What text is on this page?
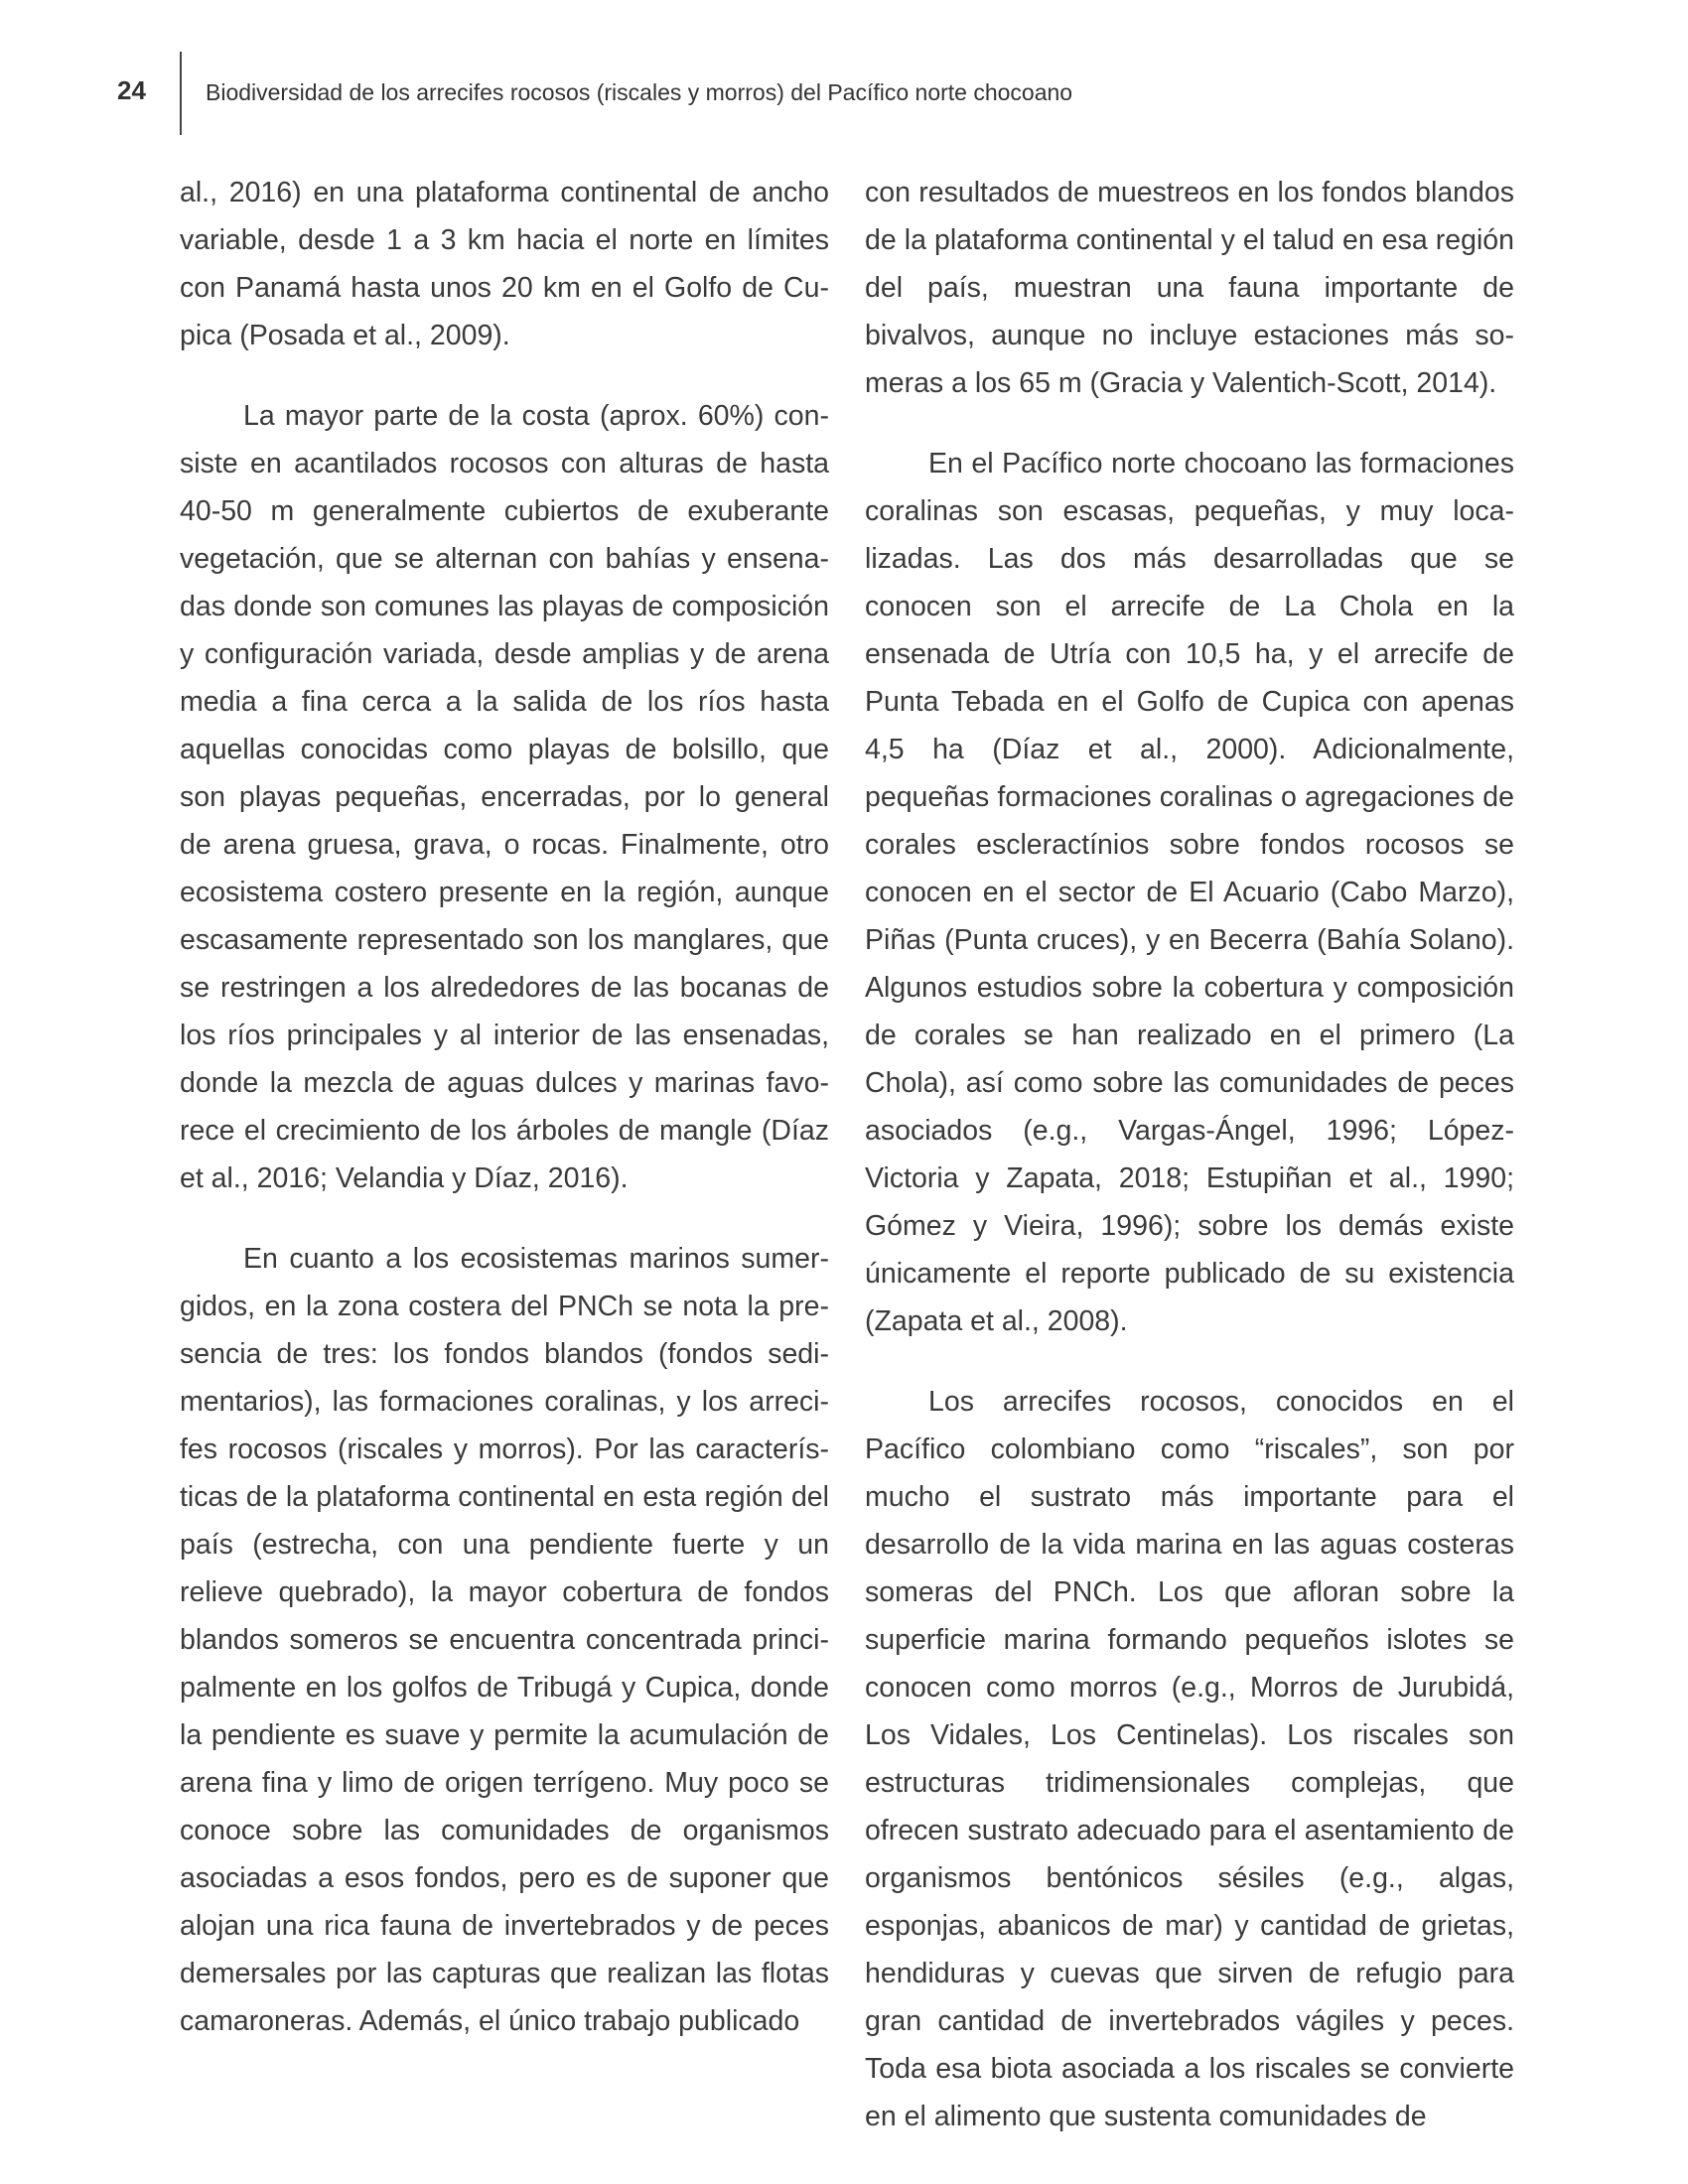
24	Biodiversidad de los arrecifes rocosos (riscales y morros) del Pacífico norte chocoano

al., 2016) en una plataforma continental de ancho variable, desde 1 a 3 km hacia el norte en límites con Panamá hasta unos 20 km en el Golfo de Cupica (Posada et al., 2009).

La mayor parte de la costa (aprox. 60%) consiste en acantilados rocosos con alturas de hasta 40-50 m generalmente cubiertos de exuberante vegetación, que se alternan con bahías y ensenadas donde son comunes las playas de composición y configuración variada, desde amplias y de arena media a fina cerca a la salida de los ríos hasta aquellas conocidas como playas de bolsillo, que son playas pequeñas, encerradas, por lo general de arena gruesa, grava, o rocas. Finalmente, otro ecosistema costero presente en la región, aunque escasamente representado son los manglares, que se restringen a los alrededores de las bocanas de los ríos principales y al interior de las ensenadas, donde la mezcla de aguas dulces y marinas favorece el crecimiento de los árboles de mangle (Díaz et al., 2016; Velandia y Díaz, 2016).

En cuanto a los ecosistemas marinos sumergidos, en la zona costera del PNCh se nota la presencia de tres: los fondos blandos (fondos sedimentarios), las formaciones coralinas, y los arrecifes rocosos (riscales y morros). Por las características de la plataforma continental en esta región del país (estrecha, con una pendiente fuerte y un relieve quebrado), la mayor cobertura de fondos blandos someros se encuentra concentrada principalmente en los golfos de Tribugá y Cupica, donde la pendiente es suave y permite la acumulación de arena fina y limo de origen terrígeno. Muy poco se conoce sobre las comunidades de organismos asociadas a esos fondos, pero es de suponer que alojan una rica fauna de invertebrados y de peces demersales por las capturas que realizan las flotas camaroneras. Además, el único trabajo publicado

con resultados de muestreos en los fondos blandos de la plataforma continental y el talud en esa región del país, muestran una fauna importante de bivalvos, aunque no incluye estaciones más someras a los 65 m (Gracia y Valentich-Scott, 2014).

En el Pacífico norte chocoano las formaciones coralinas son escasas, pequeñas, y muy localizadas. Las dos más desarrolladas que se conocen son el arrecife de La Chola en la ensenada de Utría con 10,5 ha, y el arrecife de Punta Tebada en el Golfo de Cupica con apenas 4,5 ha (Díaz et al., 2000). Adicionalmente, pequeñas formaciones coralinas o agregaciones de corales escleractínios sobre fondos rocosos se conocen en el sector de El Acuario (Cabo Marzo), Piñas (Punta cruces), y en Becerra (Bahía Solano). Algunos estudios sobre la cobertura y composición de corales se han realizado en el primero (La Chola), así como sobre las comunidades de peces asociados (e.g., Vargas-Ángel, 1996; López-Victoria y Zapata, 2018; Estupiñan et al., 1990; Gómez y Vieira, 1996); sobre los demás existe únicamente el reporte publicado de su existencia (Zapata et al., 2008).

Los arrecifes rocosos, conocidos en el Pacífico colombiano como “riscales”, son por mucho el sustrato más importante para el desarrollo de la vida marina en las aguas costeras someras del PNCh. Los que afloran sobre la superficie marina formando pequeños islotes se conocen como morros (e.g., Morros de Jurubidá, Los Vidales, Los Centinelas). Los riscales son estructuras tridimensionales complejas, que ofrecen sustrato adecuado para el asentamiento de organismos bentónicos sésiles (e.g., algas, esponjas, abanicos de mar) y cantidad de grietas, hendiduras y cuevas que sirven de refugio para gran cantidad de invertebrados vágiles y peces. Toda esa biota asociada a los riscales se convierte en el alimento que sustenta comunidades de
